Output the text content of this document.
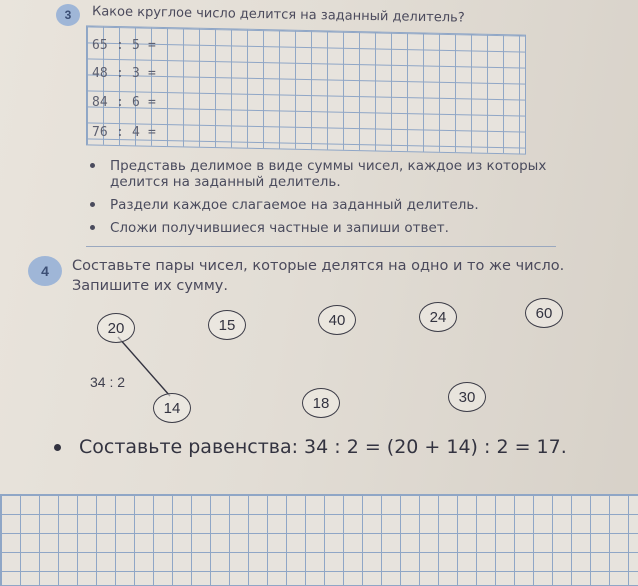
3 Какое круглое число делится на заданный делитель?

65 : 5 =
48 : 3 =
84 : 6 =
76 : 4 =
Представь делимое в виде суммы чисел, каждое из которых делится на заданный делитель.
Раздели каждое слагаемое на заданный делитель.
Сложи получившиеся частные и запиши ответ.
4 Составьте пары чисел, которые делятся на одно и то же число. Запишите их сумму.

20	15	40	24	60
14	18	30
34 : 2
Составьте равенства: 34 : 2 = (20 + 14) : 2 = 17.
